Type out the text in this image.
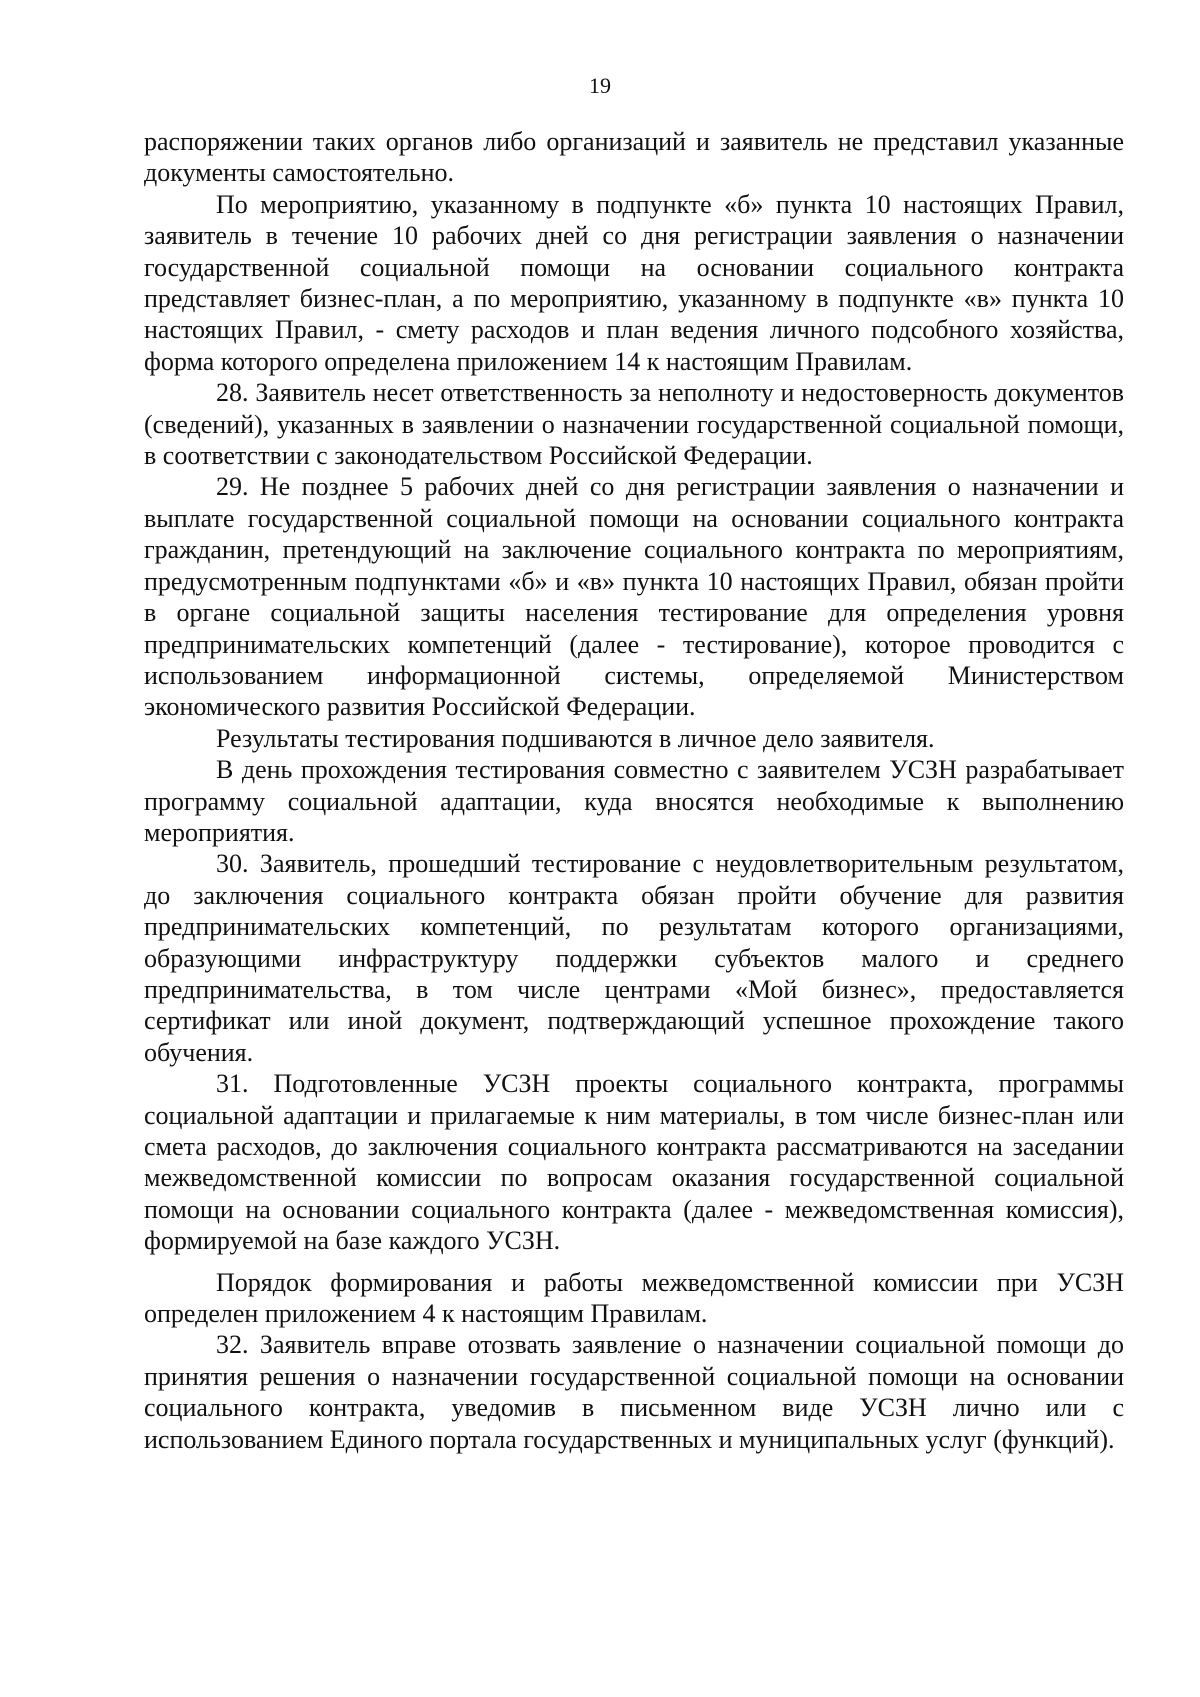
19

распоряжении таких органов либо организаций и заявитель не представил указанные документы самостоятельно.

По мероприятию, указанному в подпункте «б» пункта 10 настоящих Правил, заявитель в течение 10 рабочих дней со дня регистрации заявления о назначении государственной социальной помощи на основании социального контракта представляет бизнес-план, а по мероприятию, указанному в подпункте «в» пункта 10 настоящих Правил, - смету расходов и план ведения личного подсобного хозяйства, форма которого определена приложением 14 к настоящим Правилам.

28. Заявитель несет ответственность за неполноту и недостоверность документов (сведений), указанных в заявлении о назначении государственной социальной помощи, в соответствии с законодательством Российской Федерации.

29. Не позднее 5 рабочих дней со дня регистрации заявления о назначении и выплате государственной социальной помощи на основании социального контракта гражданин, претендующий на заключение социального контракта по мероприятиям, предусмотренным подпунктами «б» и «в» пункта 10 настоящих Правил, обязан пройти в органе социальной защиты населения тестирование для определения уровня предпринимательских компетенций (далее - тестирование), которое проводится с использованием информационной системы, определяемой Министерством экономического развития Российской Федерации.

Результаты тестирования подшиваются в личное дело заявителя.

В день прохождения тестирования совместно с заявителем УСЗН разрабатывает программу социальной адаптации, куда вносятся необходимые к выполнению мероприятия.

30. Заявитель, прошедший тестирование с неудовлетворительным результатом, до заключения социального контракта обязан пройти обучение для развития предпринимательских компетенций, по результатам которого организациями, образующими инфраструктуру поддержки субъектов малого и среднего предпринимательства, в том числе центрами «Мой бизнес», предоставляется сертификат или иной документ, подтверждающий успешное прохождение такого обучения.

31. Подготовленные УСЗН проекты социального контракта, программы социальной адаптации и прилагаемые к ним материалы, в том числе бизнес-план или смета расходов, до заключения социального контракта рассматриваются на заседании межведомственной комиссии по вопросам оказания государственной социальной помощи на основании социального контракта (далее - межведомственная комиссия), формируемой на базе каждого УСЗН.

Порядок формирования и работы межведомственной комиссии при УСЗН определен приложением 4 к настоящим Правилам.

32. Заявитель вправе отозвать заявление о назначении социальной помощи до принятия решения о назначении государственной социальной помощи на основании социального контракта, уведомив в письменном виде УСЗН лично или с использованием Единого портала государственных и муниципальных услуг (функций).
